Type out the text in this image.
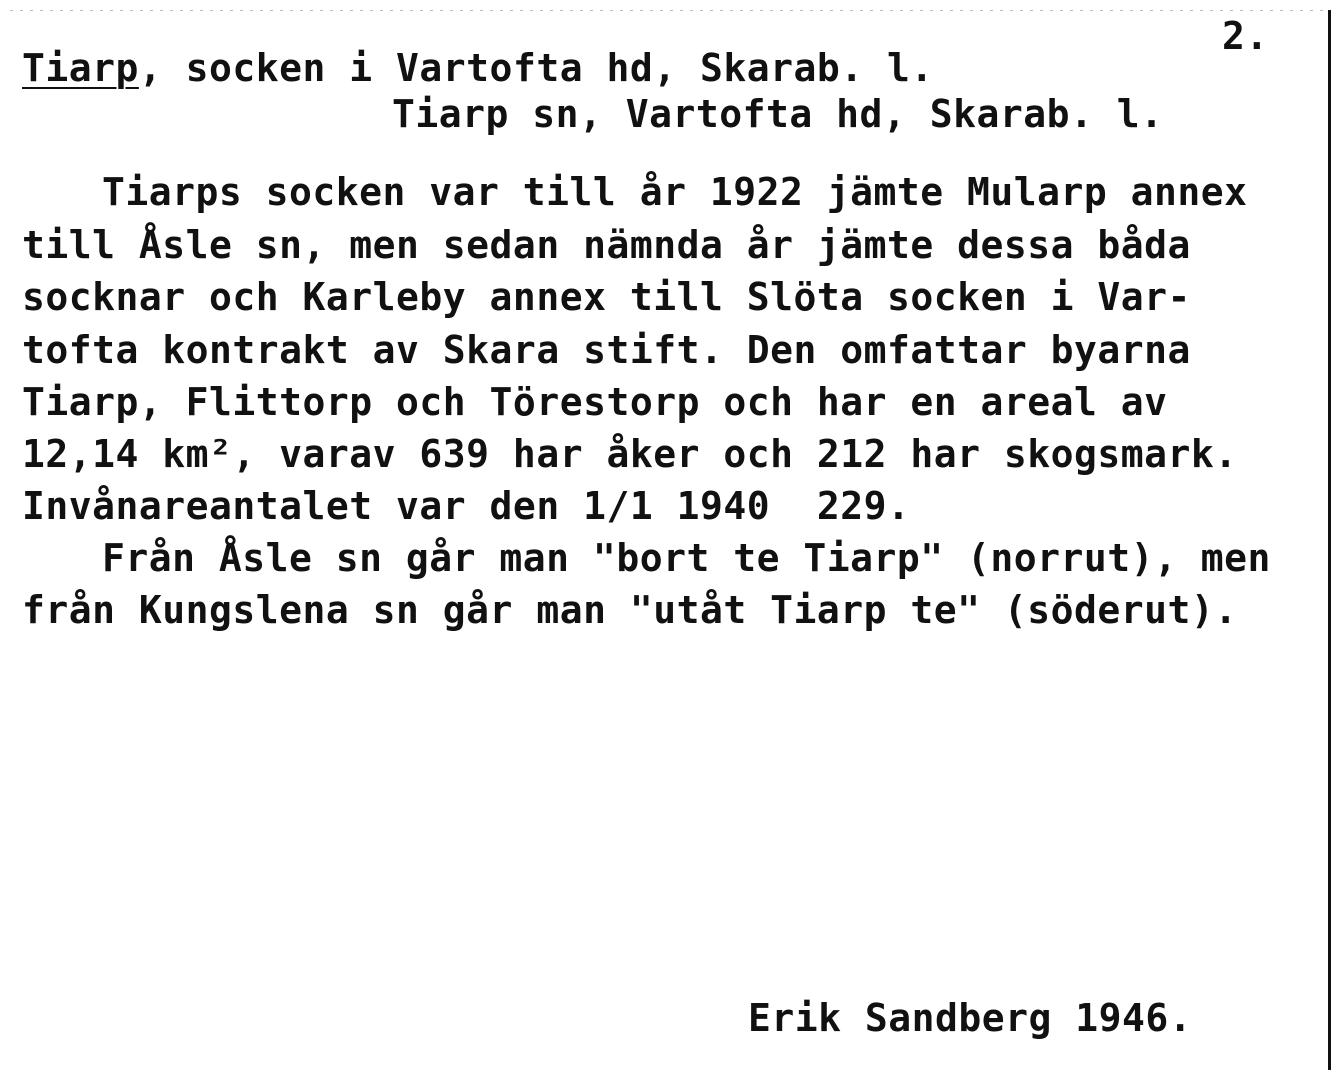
2.
Tiarp, socken i Vartofta hd, Skarab. l.
Tiarp sn, Vartofta hd, Skarab. l.
Tiarps socken var till år 1922 jämte Mularp annex
till Åsle sn, men sedan nämnda år jämte dessa båda
socknar och Karleby annex till Slöta socken i Var-
tofta kontrakt av Skara stift. Den omfattar byarna
Tiarp, Flittorp och Törestorp och har en areal av
12,14 km², varav 639 har åker och 212 har skogsmark.
Invånareantalet var den 1/1 1940  229.
Från Åsle sn går man "bort te Tiarp" (norrut), men
från Kungslena sn går man "utåt Tiarp te" (söderut).
Erik Sandberg 1946.
